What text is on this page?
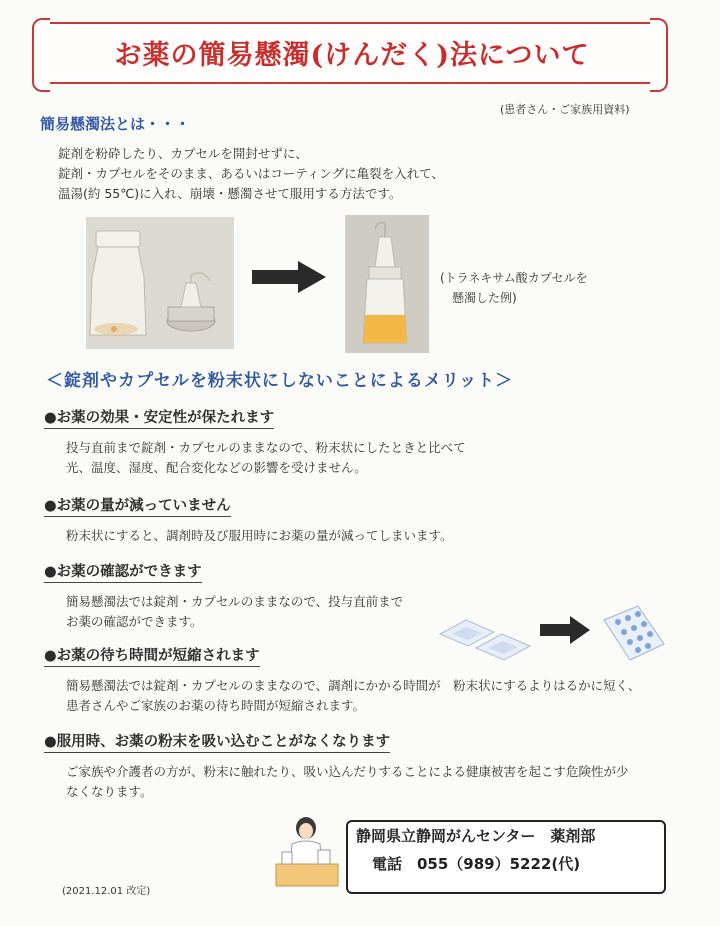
お薬の簡易懸濁(けんだく)法について
(患者さん・ご家族用資料)
簡易懸濁法とは・・・
錠剤を粉砕したり、カプセルを開封せずに、
錠剤・カプセルをそのまま、あるいはコーティングに亀裂を入れて、
温湯(約 55℃)に入れ、崩壊・懸濁させて服用する方法です。
(トラネキサム酸カプセルを
懸濁した例)
＜錠剤やカプセルを粉末状にしないことによるメリット＞
●お薬の効果・安定性が保たれます
投与直前まで錠剤・カプセルのままなので、粉末状にしたときと比べて
光、温度、湿度、配合変化などの影響を受けません。
●お薬の量が減っていません
粉末状にすると、調剤時及び服用時にお薬の量が減ってしまいます。
●お薬の確認ができます
簡易懸濁法では錠剤・カプセルのままなので、投与直前まで
お薬の確認ができます。
●お薬の待ち時間が短縮されます
簡易懸濁法では錠剤・カプセルのままなので、調剤にかかる時間が　粉末状にするよりはるかに短く、
患者さんやご家族のお薬の待ち時間が短縮されます。
●服用時、お薬の粉末を吸い込むことがなくなります
ご家族や介護者の方が、粉末に触れたり、吸い込んだりすることによる健康被害を起こす危険性が少
なくなります。
静岡県立静岡がんセンター　薬剤部
電話　055（989）5222(代)
(2021.12.01 改定)
